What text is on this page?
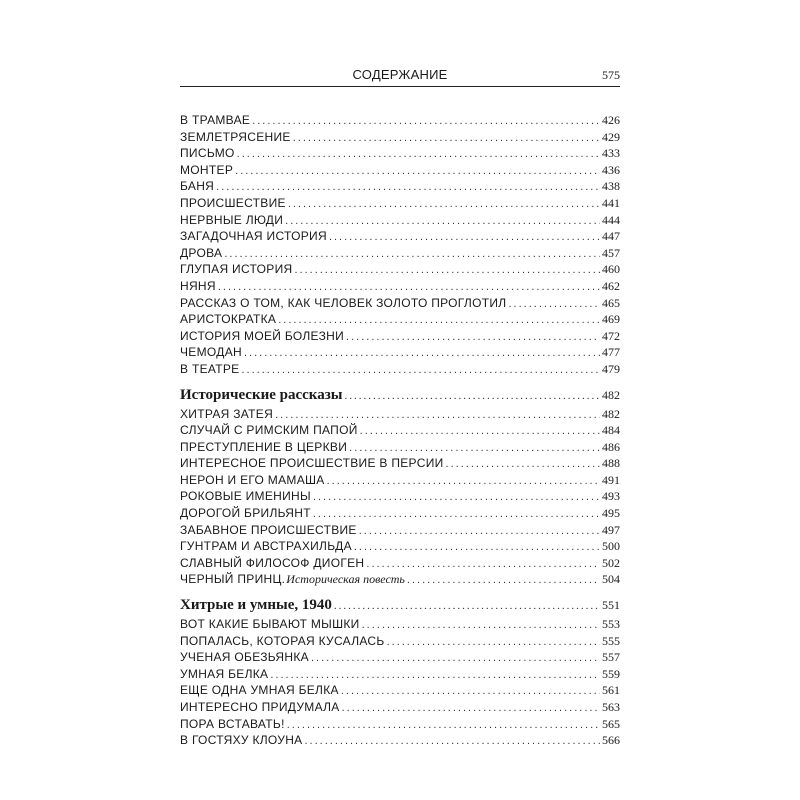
СОДЕРЖАНИЕ	575
В ТРАМВАЕ .....	426
ЗЕМЛЕТРЯСЕНИЕ .....	429
ПИСЬМО .....	433
МОНТЕР .....	436
БАНЯ .....	438
ПРОИСШЕСТВИЕ .....	441
НЕРВНЫЕ ЛЮДИ .....	444
ЗАГАДОЧНАЯ ИСТОРИЯ .....	447
ДРОВА .....	457
ГЛУПАЯ ИСТОРИЯ .....	460
НЯНЯ .....	462
РАССКАЗ О ТОМ, КАК ЧЕЛОВЕК ЗОЛОТО ПРОГЛОТИЛ .....	465
АРИСТОКРАТКА .....	469
ИСТОРИЯ МОЕЙ БОЛЕЗНИ .....	472
ЧЕМОДАН .....	477
В ТЕАТРЕ .....	479
Исторические рассказы .....	482
ХИТРАЯ ЗАТЕЯ .....	482
СЛУЧАЙ С РИМСКИМ ПАПОЙ .....	484
ПРЕСТУПЛЕНИЕ В ЦЕРКВИ .....	486
ИНТЕРЕСНОЕ ПРОИСШЕСТВИЕ В ПЕРСИИ .....	488
НЕРОН И ЕГО МАМАША .....	491
РОКОВЫЕ ИМЕНИНЫ .....	493
ДОРОГОЙ БРИЛЬЯНТ .....	495
ЗАБАВНОЕ ПРОИСШЕСТВИЕ .....	497
ГУНТРАМ И АВСТРАХИЛЬДА .....	500
СЛАВНЫЙ ФИЛОСОФ ДИОГЕН .....	502
ЧЕРНЫЙ ПРИНЦ. Историческая повесть .....	504
Хитрые и умные, 1940 .....	551
ВОТ КАКИЕ БЫВАЮТ МЫШКИ .....	553
ПОПАЛАСЬ, КОТОРАЯ КУСАЛАСЬ .....	555
УЧЕНАЯ ОБЕЗЬЯНКА .....	557
УМНАЯ БЕЛКА .....	559
ЕЩЕ ОДНА УМНАЯ БЕЛКА .....	561
ИНТЕРЕСНО ПРИДУМАЛА .....	563
ПОРА ВСТАВАТЬ! .....	565
В ГОСТЯХУ КЛОУНА .....	566
